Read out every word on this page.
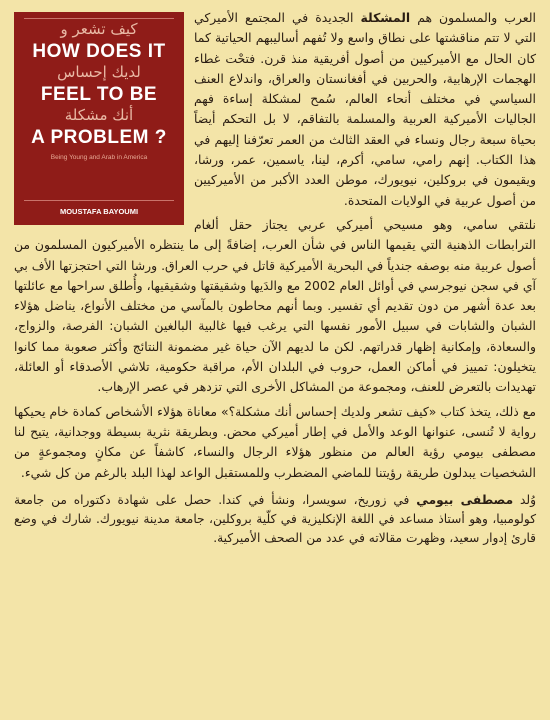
كيف تشعر و
HOW DOES IT
لديك إحساس
FEEL TO BE
أنك مشكلة
A PROBLEM ?
Being Young and Arab in America
MOUSTAFA BAYOUMI

العرب والمسلمون هم المشكلة الجديدة في المجتمع الأميركي التي لا تتم مناقشتها على نطاق واسع ولا تُفهم أساليبهم الحياتية كما كان الحال مع الأميركيين من أصول أفريقية منذ قرن. فتحْت غطاء الهجمات الإرهابية، والحربين في أفغانستان والعراق، واندلاع العنف السياسي في مختلف أنحاء العالم، سُمح لمشكلة إساءة فهم الجاليات الأميركية العربية والمسلمة بالتفاقم، لا بل التحكم أيضاً بحياة سبعة رجال ونساء في العقد الثالث من العمر تعرّفنا إليهم في هذا الكتاب. إنهم رامي، سامي، أكرم، لينا، ياسمين، عمر، ورشا، ويقيمون في بروكلين، نيويورك، موطن العدد الأكبر من الأميركيين من أصول عربية في الولايات المتحدة.

نلتقي سامي، وهو مسيحي أميركي عربي يجتاز حقل ألغام الترابطات الذهنية التي يقيمها الناس في شأن العرب، إضافةً إلى ما ينتظره الأميركيون المسلمون من أصول عربية منه بوصفه جندياً في البحرية الأميركية قاتل في حرب العراق. ورشا التي احتجزتها الأف بي آي في سجن نيوجرسي في أوائل العام 2002 مع والدَيها وشقيقتها وشقيقيها، وأُطلق سراحها مع عائلتها بعد عدة أشهر من دون تقديم أي تفسير. وبما أنهم محاطون بالمآسي من مختلف الأنواع، يناضل هؤلاء الشبان والشابات في سبيل الأمور نفسها التي يرغب فيها غالبية البالغين الشبان: الفرصة، والزواج، والسعادة، وإمكانية إظهار قدراتهم. لكن ما لديهم الآن حياة غير مضمونة النتائج وأكثر صعوبة مما كانوا يتخيلون: تمييز في أماكن العمل، حروب في البلدان الأم، مراقبة حكومية، تلاشي الأصدقاء أو العائلة، تهديدات بالتعرض للعنف، ومجموعة من المشاكل الأخرى التي تزدهر في عصر الإرهاب.

مع ذلك، يتخذ كتاب «كيف تشعر ولديك إحساس أنك مشكلة؟» معاناة هؤلاء الأشخاص كمادة خام يحيكها رواية لا تُنسى، عنوانها الوعد والأمل في إطار أميركي محض. وبطريقة نثرية بسيطة ووجدانية، يتيح لنا مصطفى بيومي رؤية العالم من منظور هؤلاء الرجال والنساء، كاشفاً عن مكانٍ ومجموعةٍ من الشخصيات يبدلون طريقة رؤيتنا للماضي المضطرب وللمستقبل الواعد لهذا البلد بالرغم من كل شيء.

وُلد مصطفى بيومي في زوريخ، سويسرا، ونشأ في كندا. حصل على شهادة دكتوراه من جامعة كولومبيا، وهو أستاذ مساعد في اللغة الإنكليزية في كلّية بروكلين، جامعة مدينة نيويورك. شارك في وضع قارئ إدوار سعيد، وظهرت مقالاته في عدد من الصحف الأميركية.
